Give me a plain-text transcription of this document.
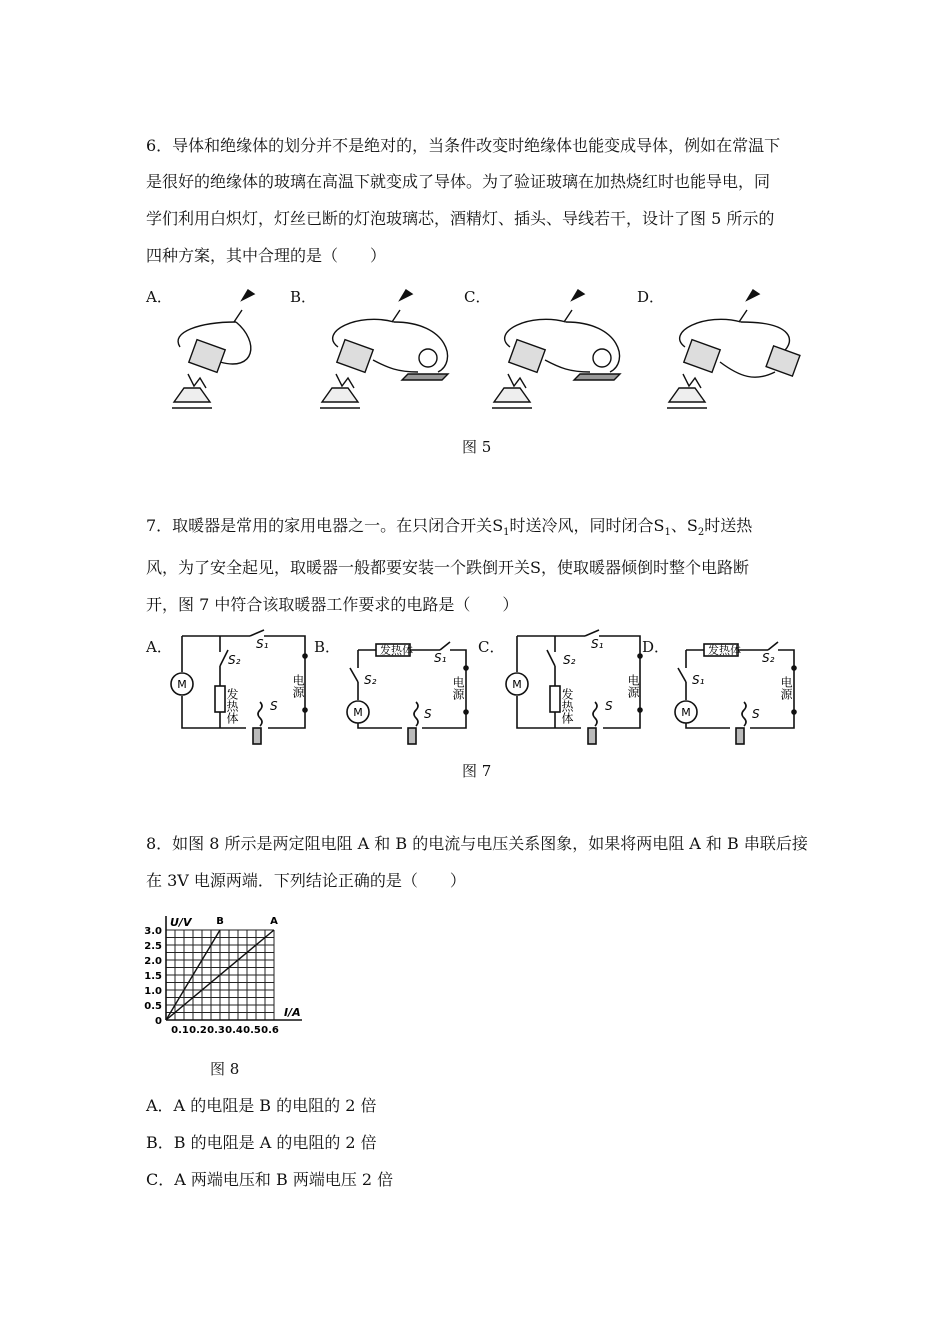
6．导体和绝缘体的划分并不是绝对的，当条件改变时绝缘体也能变成导体，例如在常温下
是很好的绝缘体的玻璃在高温下就变成了导体。为了验证玻璃在加热烧红时也能导电，同
学们利用白炽灯，灯丝已断的灯泡玻璃芯，酒精灯、插头、导线若干，设计了图 5 所示的
四种方案，其中合理的是（　　）
A．	B．	C．	D．
图 5
7．取暖器是常用的家用电器之一。在只闭合开关$S_1$时送冷风，同时闭合$S_1$、$S_2$时送热
风，为了安全起见，取暖器一般都要安装一个跌倒开关S，使取暖器倾倒时整个电路断
开，图 7 中符合该取暖器工作要求的电路是（　　）
A．	B．	C．	D．
M
S₁
S₂
S
发热体
电源
M
发热体
S₁
S₂
S
电源	M
S₁
S₂
S
发热体
电源
M
发热体
S₂
S₁
S
电源
图 7
8．如图 8 所示是两定阻电阻 A 和 B 的电流与电压关系图象，如果将两电阻 A 和 B 串联后接
在 3V 电源两端．下列结论正确的是（　　）
B	A
0
0.5
1.0
1.5
2.0
2.5
3.0
0.1 0.2 0.3 0.4 0.5 0.6
U/V
I/A
图 8
A．A 的电阻是 B 的电阻的 2 倍
B．B 的电阻是 A 的电阻的 2 倍
C．A 两端电压和 B 两端电压 2 倍
